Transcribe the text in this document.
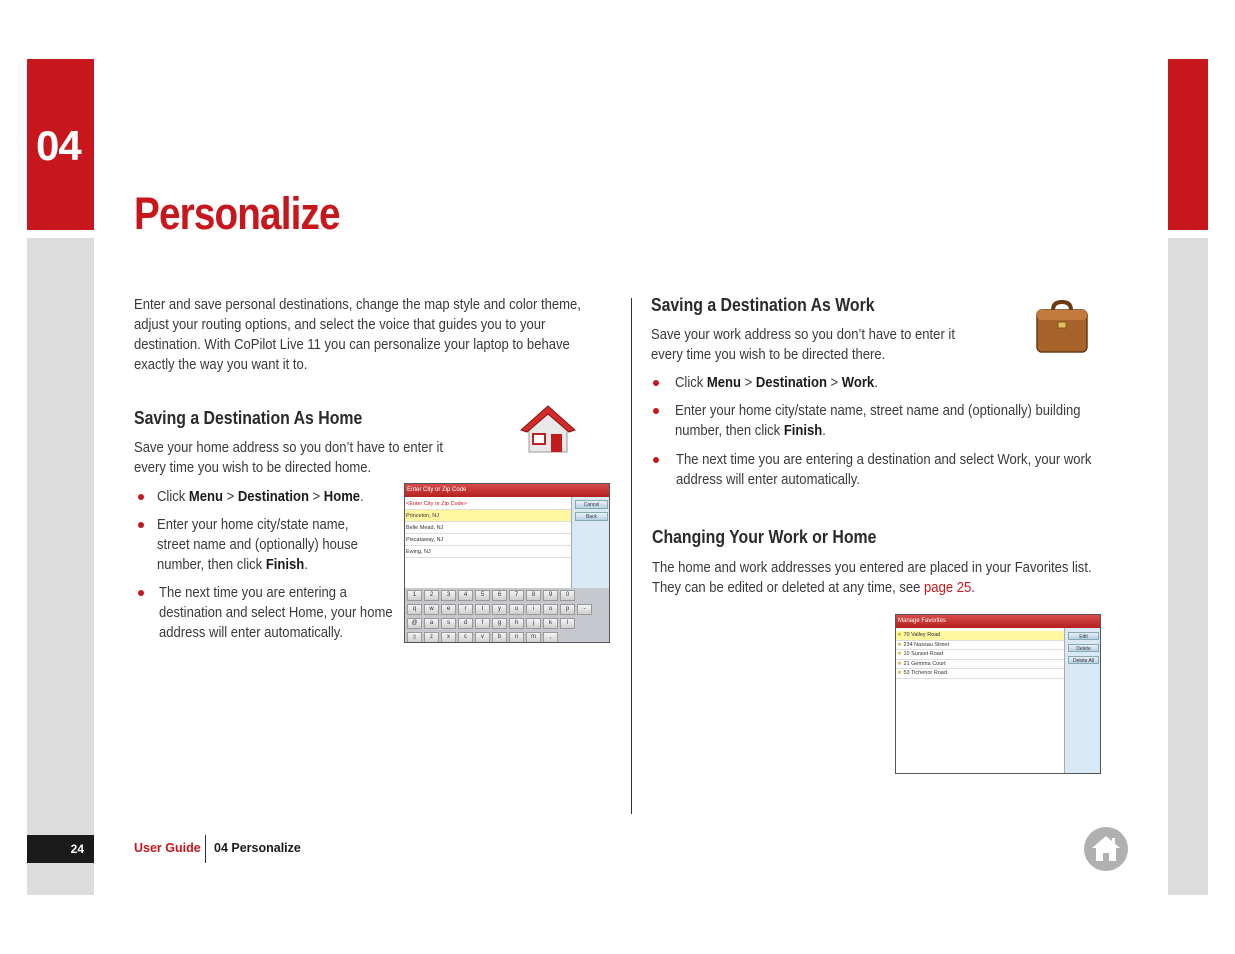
04
Personalize

Enter and save personal destinations, change the map style and color theme, adjust your routing options, and select the voice that guides you to your destination. With CoPilot Live 11 you can personalize your laptop to behave exactly the way you want it to.

Saving a Destination As Home

Save your home address so you don’t have to enter it every time you wish to be directed home.

Click Menu > Destination > Home.
Enter your home city/state name, street name and (optionally) house number, then click Finish.
The next time you are entering a destination and select Home, your home address will enter automatically.
Enter City or Zip Code
<Enter City or Zip Code>
Princeton, NJ
Belle Mead, NJ
Piscataway, NJ
Ewing, NJ
Cancel
Back
1	2	3	4	5	6	7	8	9	0
q	w	e	r	t	y	u	i	o	p	-
@	a	s	d	f	g	h	j	k	l
⇧	z	x	c	v	b	n	m	,
Saving a Destination As Work

Save your work address so you don’t have to enter it every time you wish to be directed there.

Click Menu > Destination > Work.
Enter your home city/state name, street name and (optionally) building number, then click Finish.
The next time you are entering a destination and select Work, your work address will enter automatically.
Changing Your Work or Home
The home and work addresses you entered are placed in your Favorites list. They can be edited or deleted at any time, see page 25.
Manage Favorites
★ 70 Valley Road
★ 234 Nassau Street
★ 10 Sunset Road
★ 21 Gemma Court
★ 53 Tichenor Road
Edit
Delete
Delete All
24	User Guide 04 Personalize
